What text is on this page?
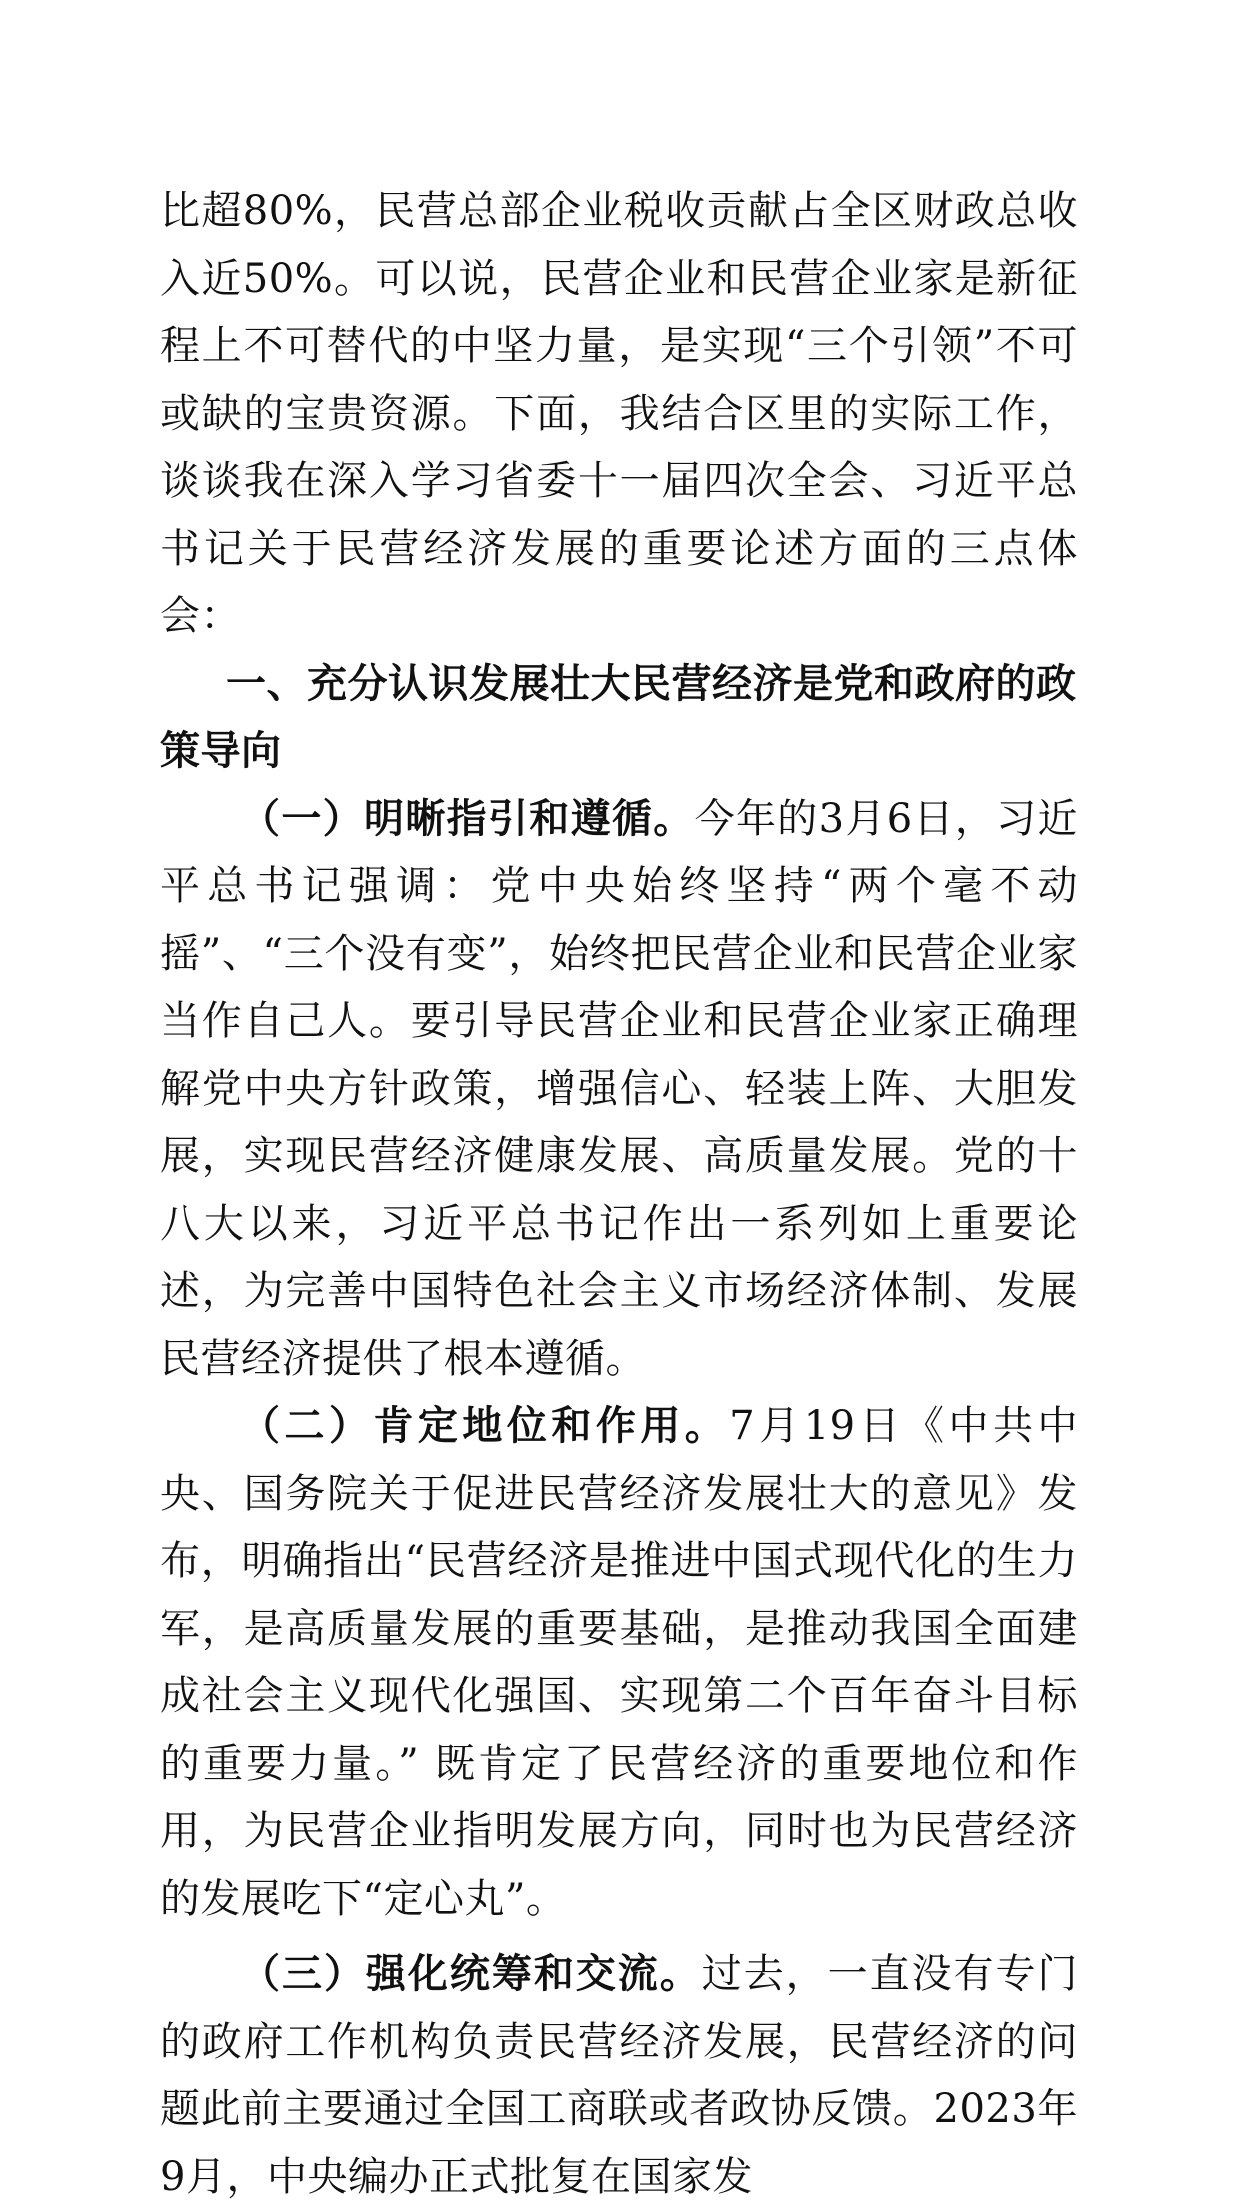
比超80%，民营总部企业税收贡献占全区财政总收入近50%。可以说，民营企业和民营企业家是新征程上不可替代的中坚力量，是实现“三个引领”不可或缺的宝贵资源。下面，我结合区里的实际工作，谈谈我在深入学习省委十一届四次全会、习近平总书记关于民营经济发展的重要论述方面的三点体会：

一、充分认识发展壮大民营经济是党和政府的政策导向

（一）明晰指引和遵循。今年的3月6日，习近平总书记强调：党中央始终坚持“两个毫不动摇”、“三个没有变”，始终把民营企业和民营企业家当作自己人。要引导民营企业和民营企业家正确理解党中央方针政策，增强信心、轻装上阵、大胆发展，实现民营经济健康发展、高质量发展。党的十八大以来，习近平总书记作出一系列如上重要论述，为完善中国特色社会主义市场经济体制、发展民营经济提供了根本遵循。

（二）肯定地位和作用。7月19日《中共中央、国务院关于促进民营经济发展壮大的意见》发布，明确指出“民营经济是推进中国式现代化的生力军，是高质量发展的重要基础，是推动我国全面建成社会主义现代化强国、实现第二个百年奋斗目标的重要力量。” 既肯定了民营经济的重要地位和作用，为民营企业指明发展方向，同时也为民营经济的发展吃下“定心丸”。

（三）强化统筹和交流。过去，一直没有专门的政府工作机构负责民营经济发展，民营经济的问题此前主要通过全国工商联或者政协反馈。2023年9月，中央编办正式批复在国家发
